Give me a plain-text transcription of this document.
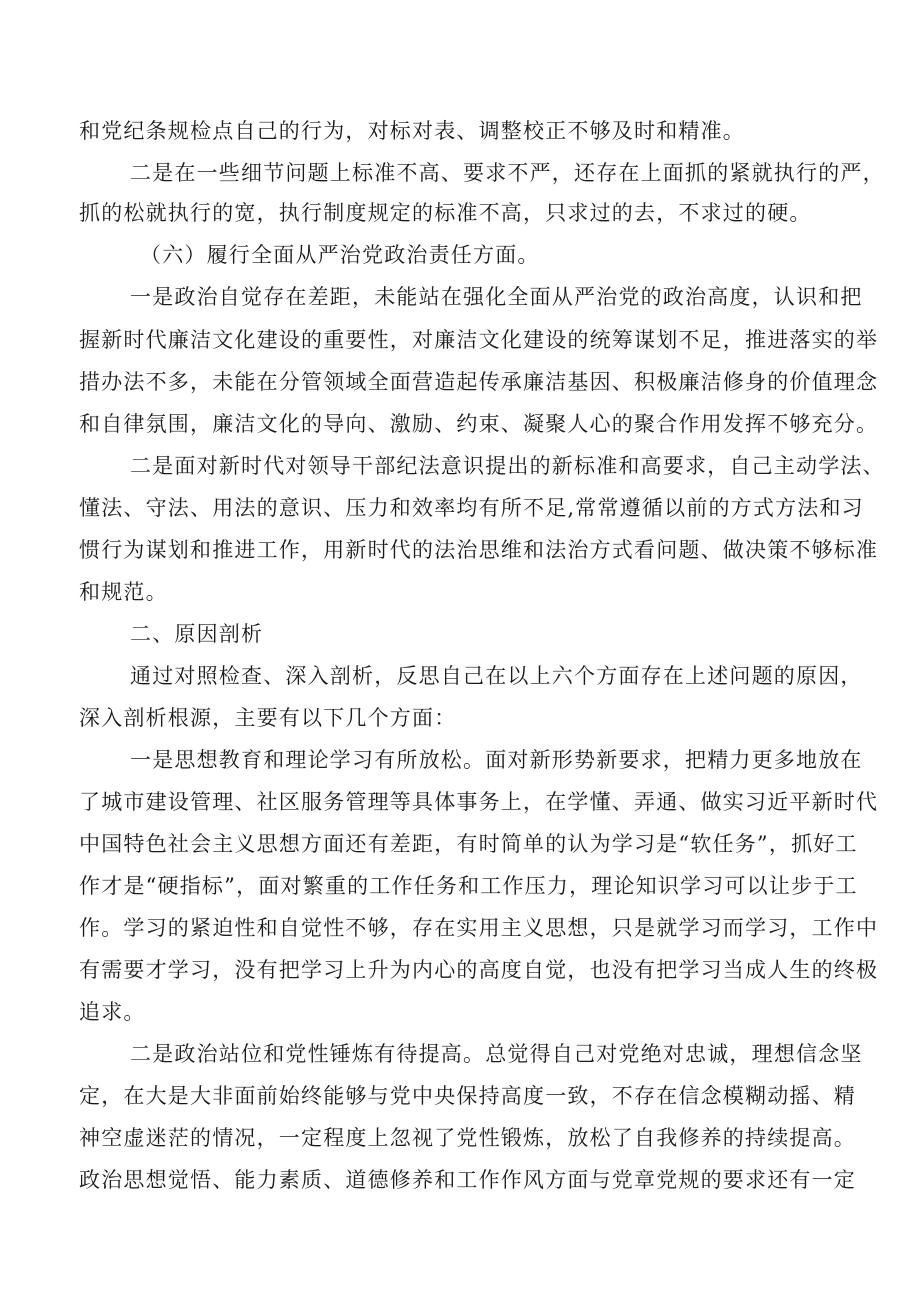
和党纪条规检点自己的行为，对标对表、调整校正不够及时和精准。
二是在一些细节问题上标准不高、要求不严，还存在上面抓的紧就执行的严，
抓的松就执行的宽，执行制度规定的标准不高，只求过的去，不求过的硬。
（六）履行全面从严治党政治责任方面。
一是政治自觉存在差距，未能站在强化全面从严治党的政治高度，认识和把
握新时代廉洁文化建设的重要性，对廉洁文化建设的统筹谋划不足，推进落实的举
措办法不多，未能在分管领域全面营造起传承廉洁基因、积极廉洁修身的价值理念
和自律氛围，廉洁文化的导向、激励、约束、凝聚人心的聚合作用发挥不够充分。
二是面对新时代对领导干部纪法意识提出的新标准和高要求，自己主动学法、
懂法、守法、用法的意识、压力和效率均有所不足,常常遵循以前的方式方法和习
惯行为谋划和推进工作，用新时代的法治思维和法治方式看问题、做决策不够标准
和规范。
二、原因剖析
通过对照检查、深入剖析，反思自己在以上六个方面存在上述问题的原因，
深入剖析根源，主要有以下几个方面：
一是思想教育和理论学习有所放松。面对新形势新要求，把精力更多地放在
了城市建设管理、社区服务管理等具体事务上，在学懂、弄通、做实习近平新时代
中国特色社会主义思想方面还有差距，有时简单的认为学习是“软任务”，抓好工
作才是“硬指标”，面对繁重的工作任务和工作压力，理论知识学习可以让步于工
作。学习的紧迫性和自觉性不够，存在实用主义思想，只是就学习而学习，工作中
有需要才学习，没有把学习上升为内心的高度自觉，也没有把学习当成人生的终极
追求。
二是政治站位和党性锤炼有待提高。总觉得自己对党绝对忠诚，理想信念坚
定，在大是大非面前始终能够与党中央保持高度一致，不存在信念模糊动摇、精
神空虚迷茫的情况，一定程度上忽视了党性锻炼，放松了自我修养的持续提高。
政治思想觉悟、能力素质、道德修养和工作作风方面与党章党规的要求还有一定
